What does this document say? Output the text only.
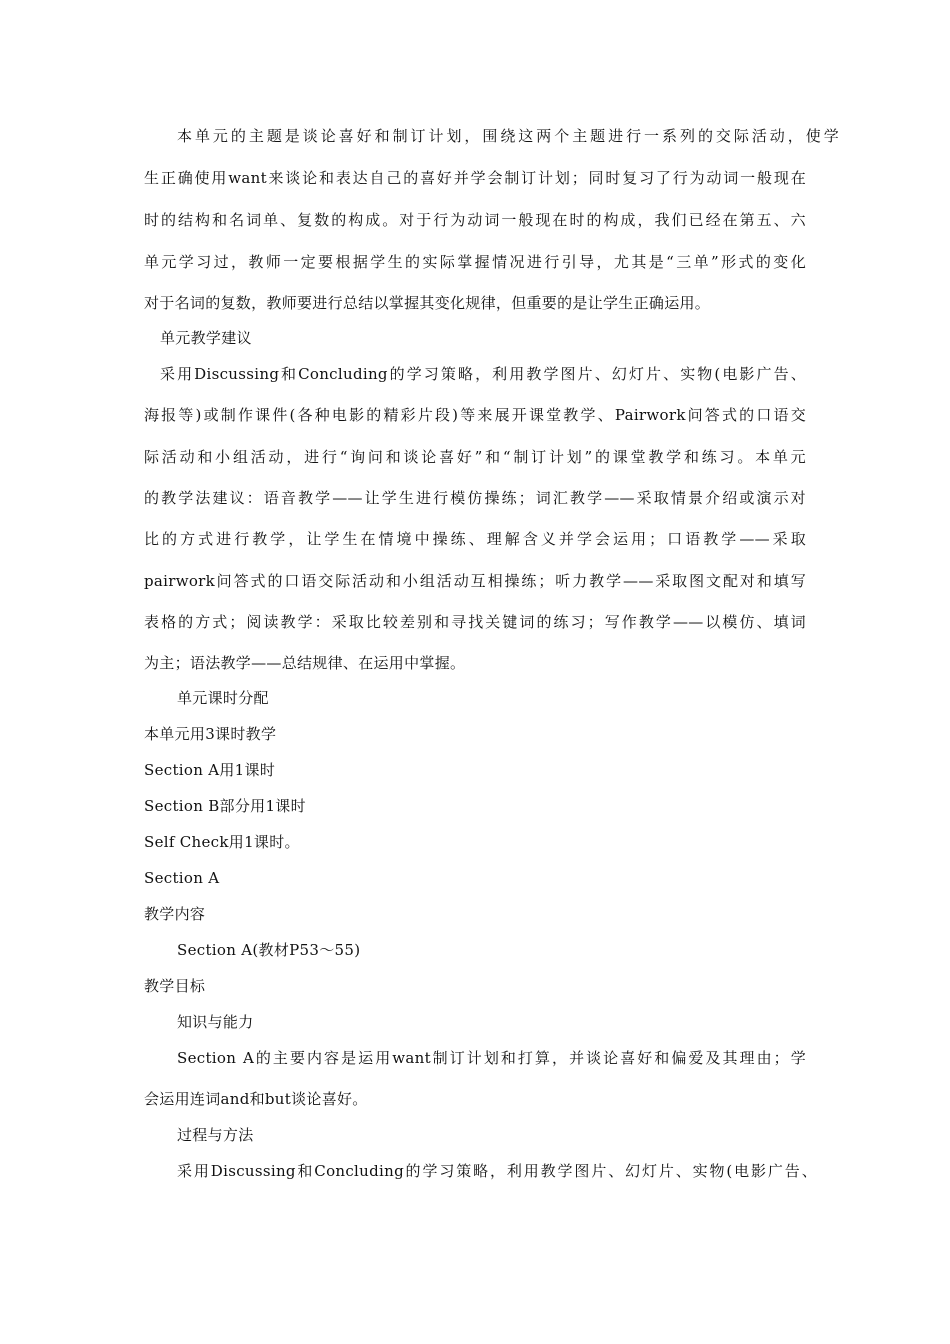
本单元的主题是谈论喜好和制订计划，围绕这两个主题进行一系列的交际活动，使学
生正确使用want来谈论和表达自己的喜好并学会制订计划；同时复习了行为动词一般现在
时的结构和名词单、复数的构成。对于行为动词一般现在时的构成，我们已经在第五、六
单元学习过，教师一定要根据学生的实际掌握情况进行引导，尤其是“三单”形式的变化
对于名词的复数，教师要进行总结以掌握其变化规律，但重要的是让学生正确运用。
单元教学建议
采用Discussing和Concluding的学习策略，利用教学图片、幻灯片、实物(电影广告、
海报等)或制作课件(各种电影的精彩片段)等来展开课堂教学、Pairwork问答式的口语交
际活动和小组活动，进行“询问和谈论喜好”和“制订计划”的课堂教学和练习。本单元
的教学法建议：语音教学——让学生进行模仿操练；词汇教学——采取情景介绍或演示对
比的方式进行教学，让学生在情境中操练、理解含义并学会运用；口语教学——采取
pairwork问答式的口语交际活动和小组活动互相操练；听力教学——采取图文配对和填写
表格的方式；阅读教学：采取比较差别和寻找关键词的练习；写作教学——以模仿、填词
为主；语法教学——总结规律、在运用中掌握。
单元课时分配
本单元用3课时教学
Section A用1课时
Section B部分用1课时
Self Check用1课时。
Section A
教学内容
Section A(教材P53～55)
教学目标
知识与能力
Section A的主要内容是运用want制订计划和打算，并谈论喜好和偏爱及其理由；学
会运用连词and和but谈论喜好。
过程与方法
采用Discussing和Concluding的学习策略，利用教学图片、幻灯片、实物(电影广告、
